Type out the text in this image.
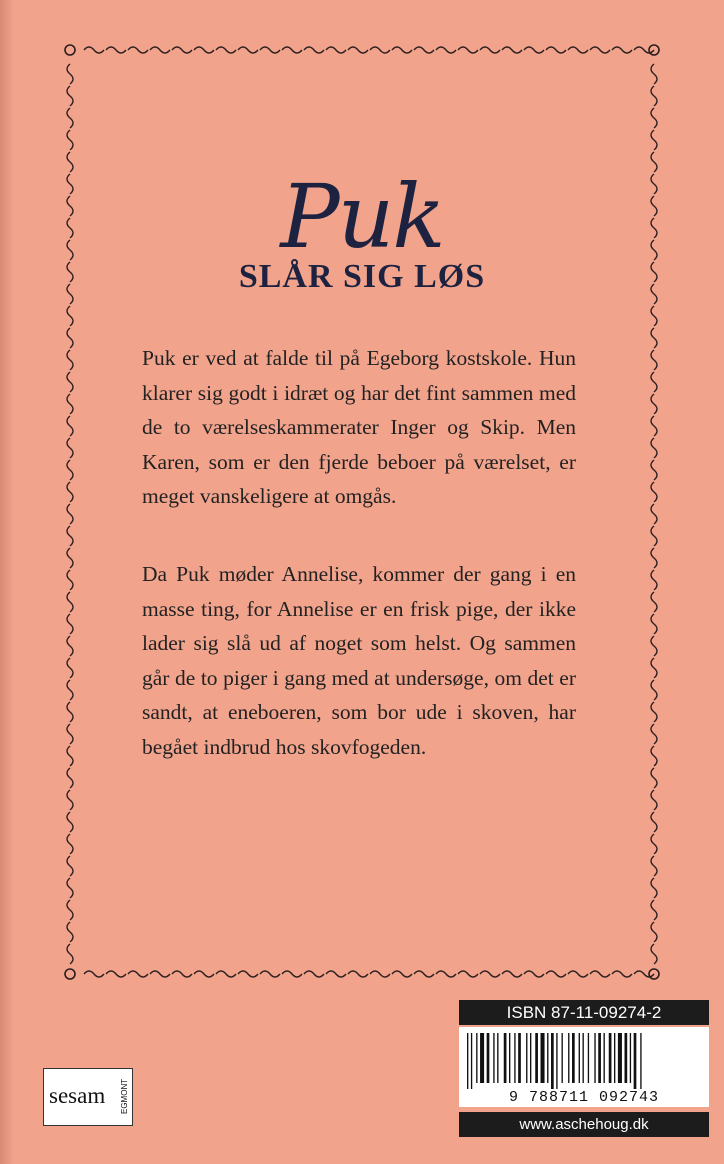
Puk
SLÅR SIG LØS

Puk er ved at falde til på Egeborg kostskole. Hun klarer sig godt i idræt og har det fint sammen med de to værelseskammerater Inger og Skip. Men Karen, som er den fjerde beboer på værelset, er meget vanskeligere at omgås.

Da Puk møder Annelise, kommer der gang i en masse ting, for Annelise er en frisk pige, der ikke lader sig slå ud af noget som helst. Og sammen går de to piger i gang med at undersøge, om det er sandt, at eneboeren, som bor ude i skoven, har begået indbrud hos skovfogeden.

ISBN 87-11-09274-2
9 788711 092743
www.aschehoug.dk
sesam EGMONT
